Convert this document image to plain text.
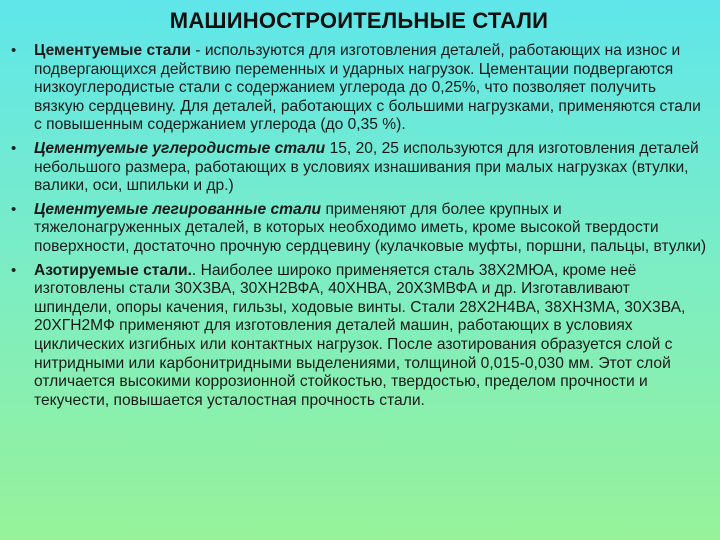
МАШИНОСТРОИТЕЛЬНЫЕ СТАЛИ
• Цементуемые стали - используются для изготовления деталей, работающих на износ и подвергающихся действию переменных и ударных нагрузок. Цементации подвергаются низкоуглеродистые стали с содержанием углерода до 0,25%, что позволяет получить вязкую сердцевину. Для деталей, работающих с большими нагрузками, применяются стали с повышенным содержанием углерода (до 0,35 %).
• Цементуемые углеродистые стали 15, 20, 25 используются для изготовления деталей небольшого размера, работающих в условиях изнашивания при малых нагрузках (втулки, валики, оси, шпильки и др.)
• Цементуемые легированные стали применяют для более крупных и тяжелонагруженных деталей, в которых необходимо иметь, кроме высокой твердости поверхности, достаточно прочную сердцевину (кулачковые муфты, поршни, пальцы, втулки)
• Азотируемые стали.. Наиболее широко применяется сталь 38Х2МЮА, кроме неё изготовлены стали 30Х3ВА, 30ХН2ВФА, 40ХНВА, 20Х3МВФА и др. Изготавливают шпиндели, опоры качения, гильзы, ходовые винты. Стали 28Х2Н4ВА, 38ХН3МА, 30Х3ВА, 20ХГН2МФ применяют для изготовления деталей машин, работающих в условиях циклических изгибных или контактных нагрузок. После азотирования образуется слой с нитридными или карбонитридными выделениями, толщиной 0,015-0,030 мм. Этот слой отличается высокими коррозионной стойкостью, твердостью, пределом прочности и текучести, повышается усталостная прочность стали.
